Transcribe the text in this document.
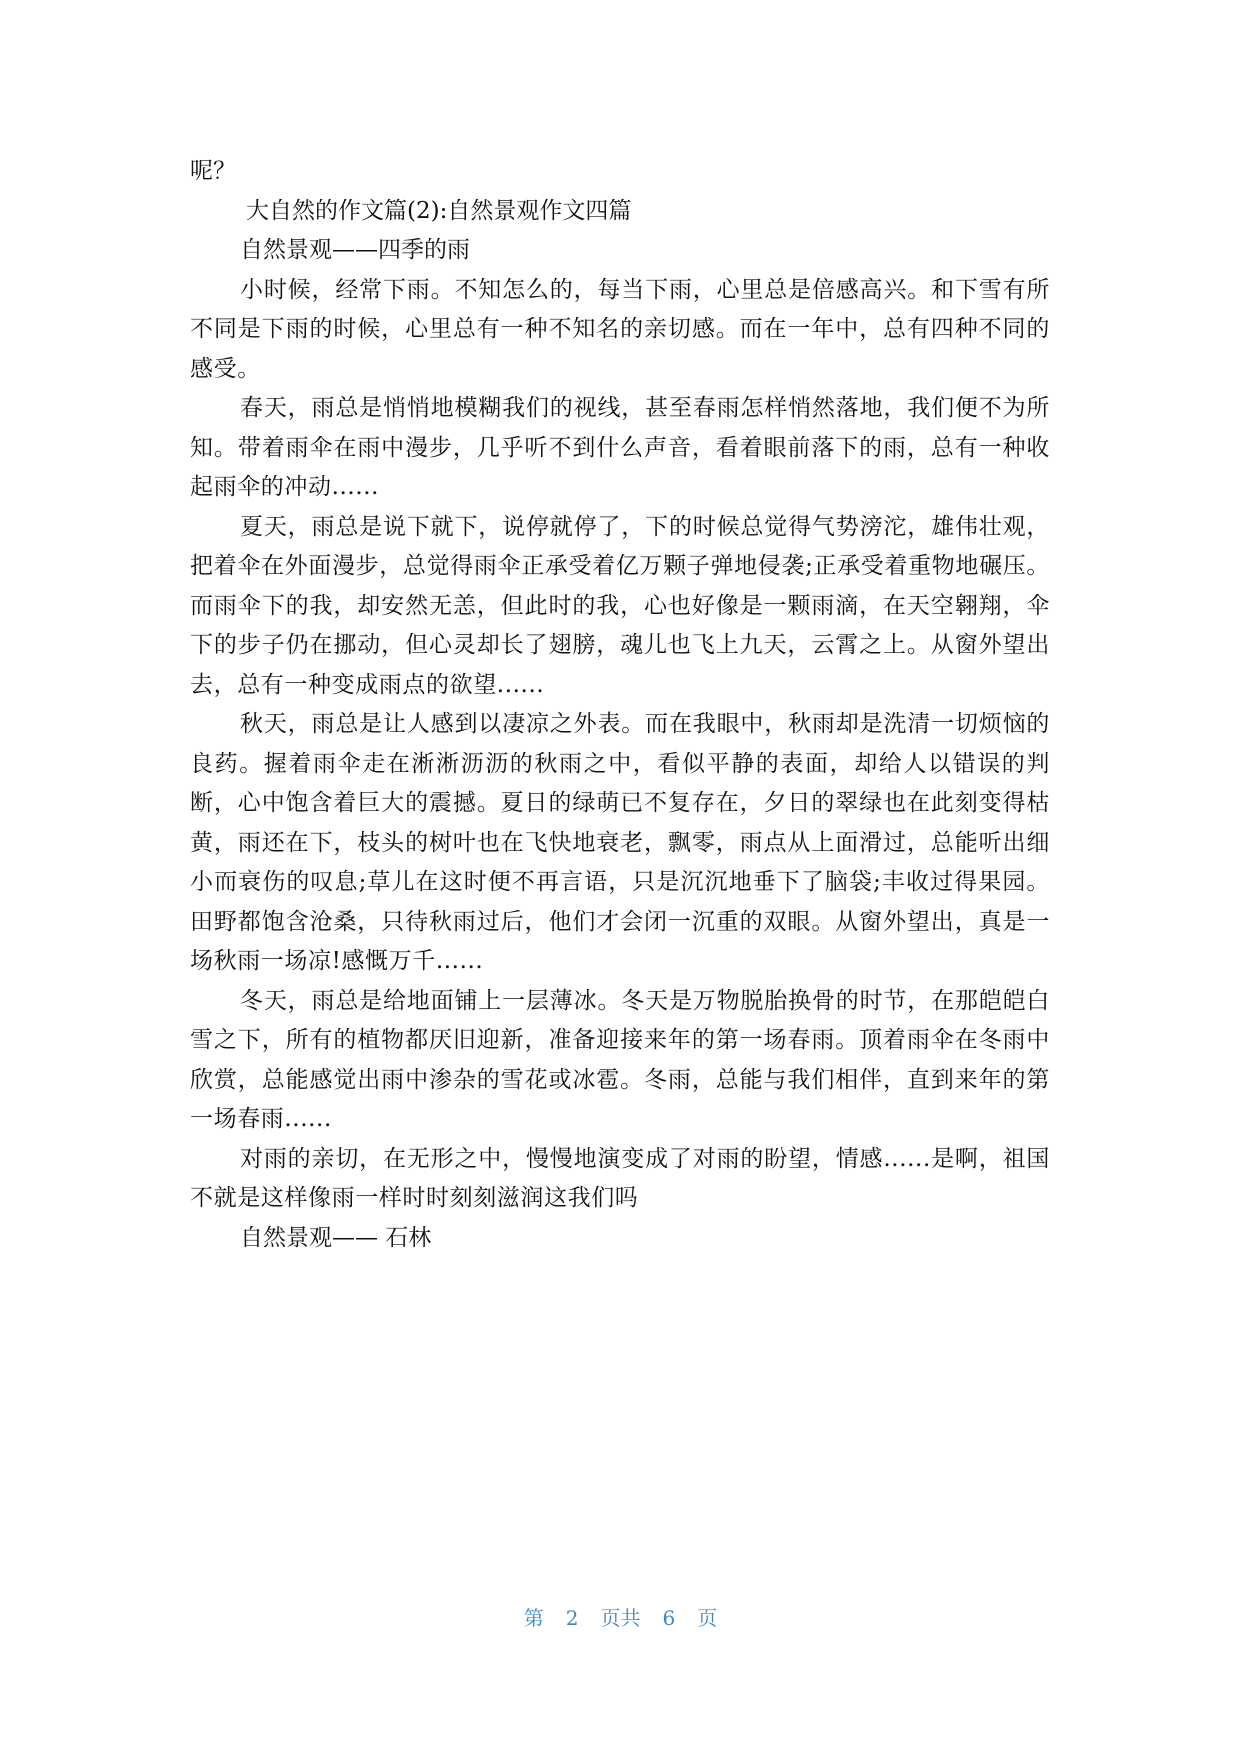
呢？
大自然的作文篇(2):自然景观作文四篇
自然景观——四季的雨

小时候，经常下雨。不知怎么的，每当下雨，心里总是倍感高兴。和下雪有所不同是下雨的时候，心里总有一种不知名的亲切感。而在一年中，总有四种不同的感受。

春天，雨总是悄悄地模糊我们的视线，甚至春雨怎样悄然落地，我们便不为所知。带着雨伞在雨中漫步，几乎听不到什么声音，看着眼前落下的雨，总有一种收起雨伞的冲动......

夏天，雨总是说下就下，说停就停了，下的时候总觉得气势滂沱，雄伟壮观，把着伞在外面漫步，总觉得雨伞正承受着亿万颗子弹地侵袭;正承受着重物地碾压。而雨伞下的我，却安然无恙，但此时的我，心也好像是一颗雨滴，在天空翱翔，伞下的步子仍在挪动，但心灵却长了翅膀，魂儿也飞上九天，云霄之上。从窗外望出去，总有一种变成雨点的欲望......

秋天，雨总是让人感到以凄凉之外表。而在我眼中，秋雨却是洗清一切烦恼的良药。握着雨伞走在淅淅沥沥的秋雨之中，看似平静的表面，却给人以错误的判断，心中饱含着巨大的震撼。夏日的绿萌已不复存在，夕日的翠绿也在此刻变得枯黄，雨还在下，枝头的树叶也在飞快地衰老，飘零，雨点从上面滑过，总能听出细小而衰伤的叹息;草儿在这时便不再言语，只是沉沉地垂下了脑袋;丰收过得果园。田野都饱含沧桑，只待秋雨过后，他们才会闭一沉重的双眼。从窗外望出，真是一场秋雨一场凉!感慨万千......

冬天，雨总是给地面铺上一层薄冰。冬天是万物脱胎换骨的时节，在那皑皑白雪之下，所有的植物都厌旧迎新，准备迎接来年的第一场春雨。顶着雨伞在冬雨中欣赏，总能感觉出雨中渗杂的雪花或冰雹。冬雨，总能与我们相伴，直到来年的第一场春雨......

对雨的亲切，在无形之中，慢慢地演变成了对雨的盼望，情感......是啊，祖国不就是这样像雨一样时时刻刻滋润这我们吗

自然景观—— 石林
第 2 页共 6 页
